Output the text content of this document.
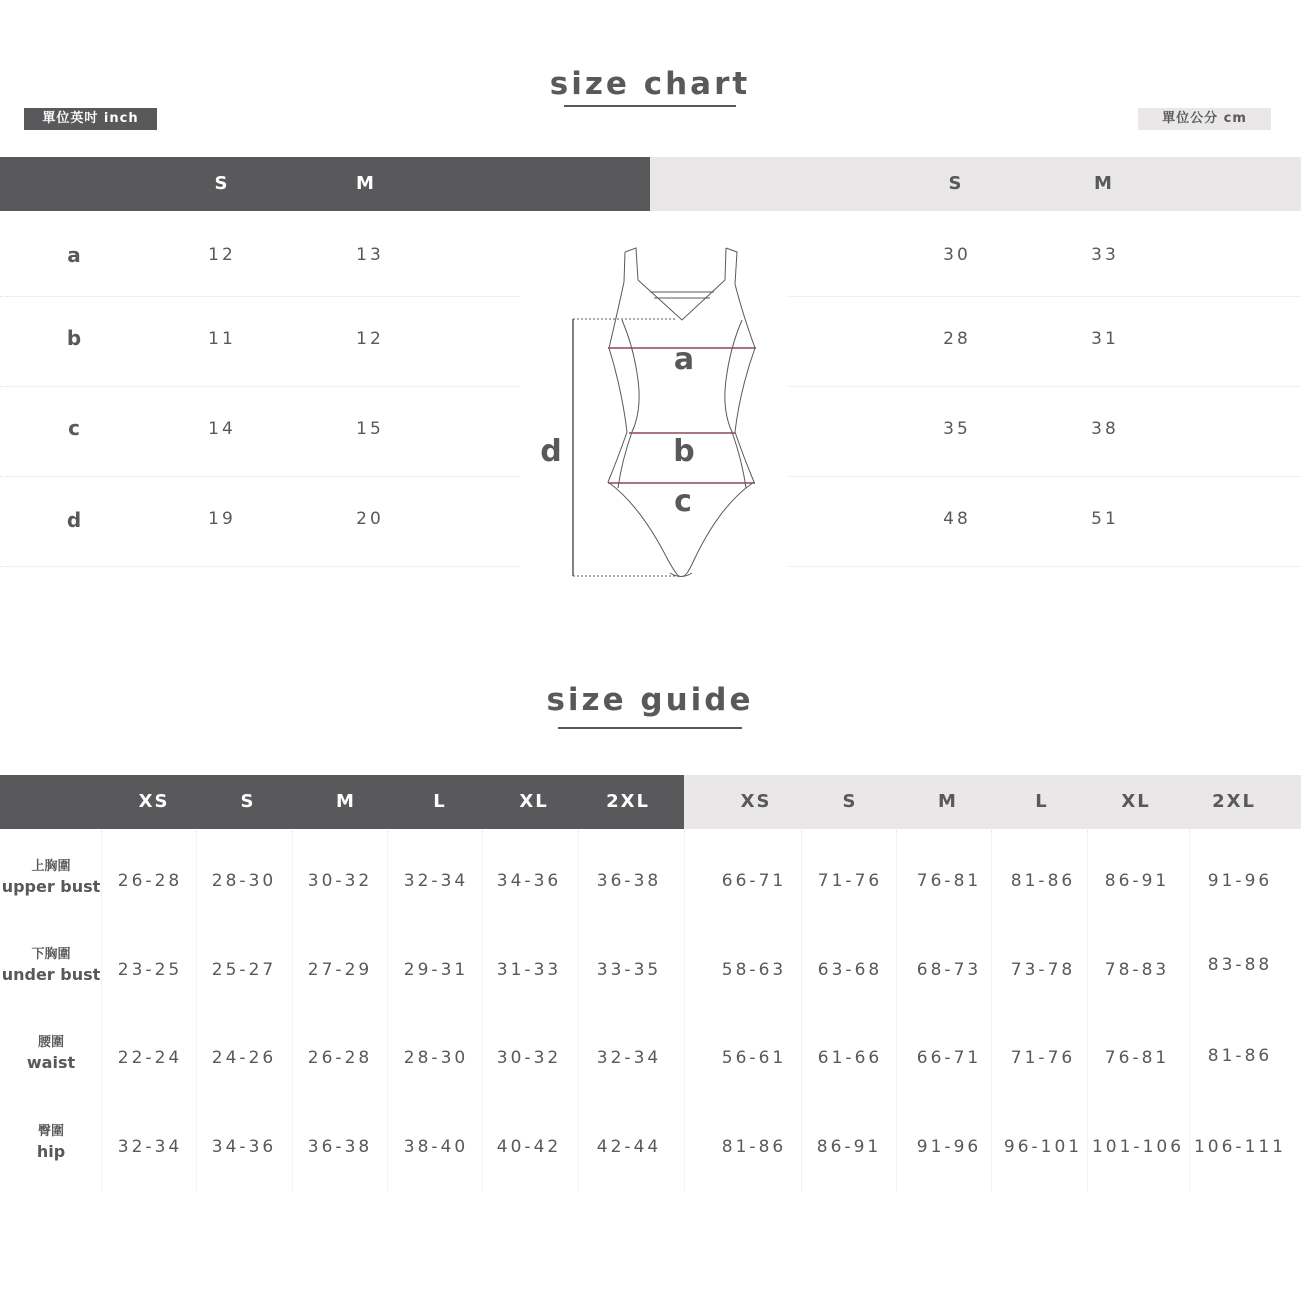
size chart
單位英吋 inch	單位公分 cm
S	M	S	M
a	12	13	30	33
b	11	12	28	31
c	14	15	35	38
d	19	20	48	51
a
b
c
d
size guide
XS	S	M	L	XL	2XL	XS	S	M	L	XL	2XL
上胸圍
upper bust 26-28 28-30 30-32 32-34 34-36 36-38	66-71 71-76 76-81 81-86 86-91 91-96
下胸圍
under bust 23-25 25-27 27-29 29-31 31-33 33-35	58-63 63-68 68-73 73-78 78-83 83-88
腰圍
waist	22-24 24-26 26-28 28-30 30-32 32-34	56-61 61-66 66-71 71-76 76-81 81-86
臀圍
hip	32-34 34-36 36-38 38-40 40-42 42-44	81-86 86-91 91-96 96-101 101-106 106-111
